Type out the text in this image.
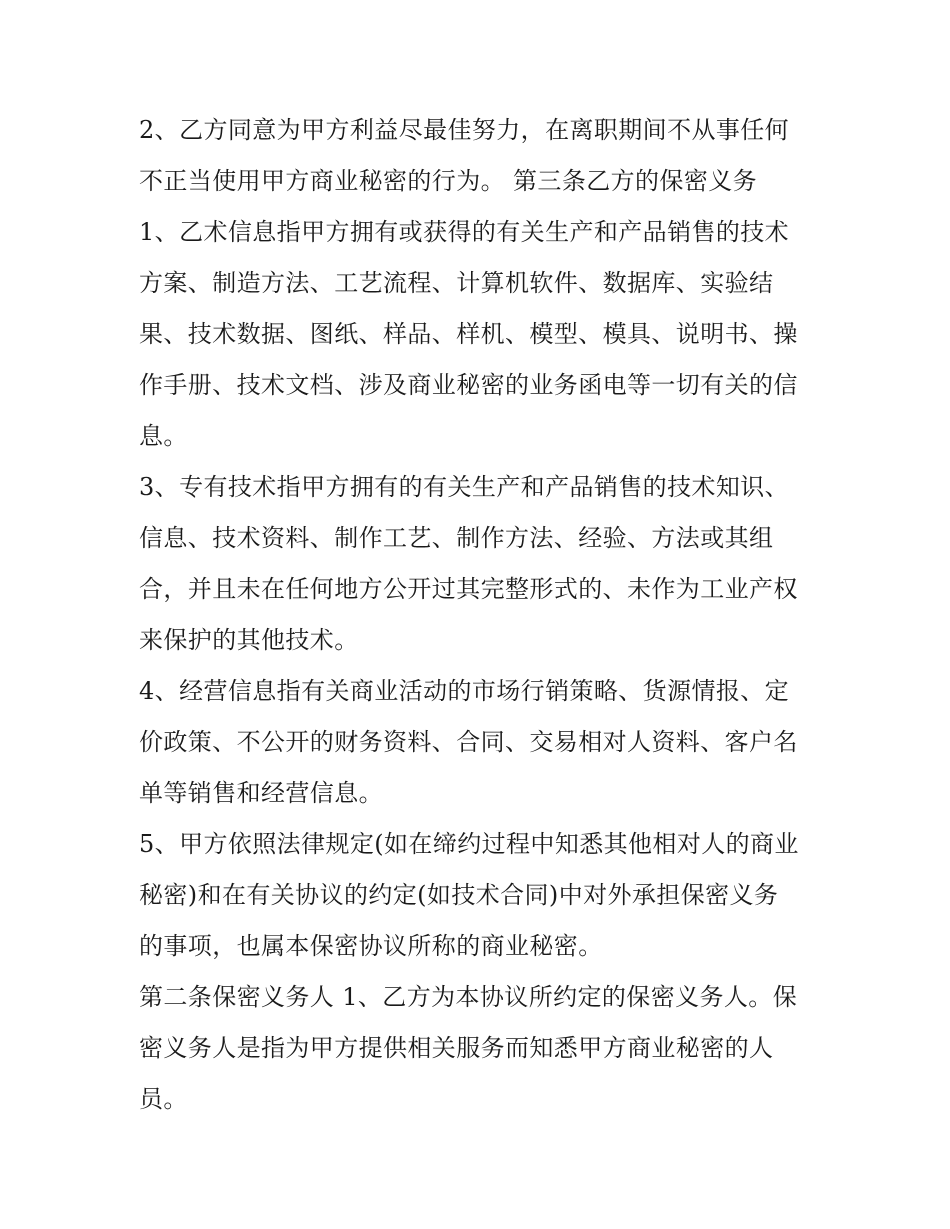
2、乙方同意为甲方利益尽最佳努力，在离职期间不从事任何
不正当使用甲方商业秘密的行为。 第三条乙方的保密义务
1、乙术信息指甲方拥有或获得的有关生产和产品销售的技术
方案、制造方法、工艺流程、计算机软件、数据库、实验结
果、技术数据、图纸、样品、样机、模型、模具、说明书、操
作手册、技术文档、涉及商业秘密的业务函电等一切有关的信
息。
3、专有技术指甲方拥有的有关生产和产品销售的技术知识、
信息、技术资料、制作工艺、制作方法、经验、方法或其组
合，并且未在任何地方公开过其完整形式的、未作为工业产权
来保护的其他技术。
4、经营信息指有关商业活动的市场行销策略、货源情报、定
价政策、不公开的财务资料、合同、交易相对人资料、客户名
单等销售和经营信息。
5、甲方依照法律规定(如在缔约过程中知悉其他相对人的商业
秘密)和在有关协议的约定(如技术合同)中对外承担保密义务
的事项，也属本保密协议所称的商业秘密。
第二条保密义务人 1、乙方为本协议所约定的保密义务人。保
密义务人是指为甲方提供相关服务而知悉甲方商业秘密的人
员。
